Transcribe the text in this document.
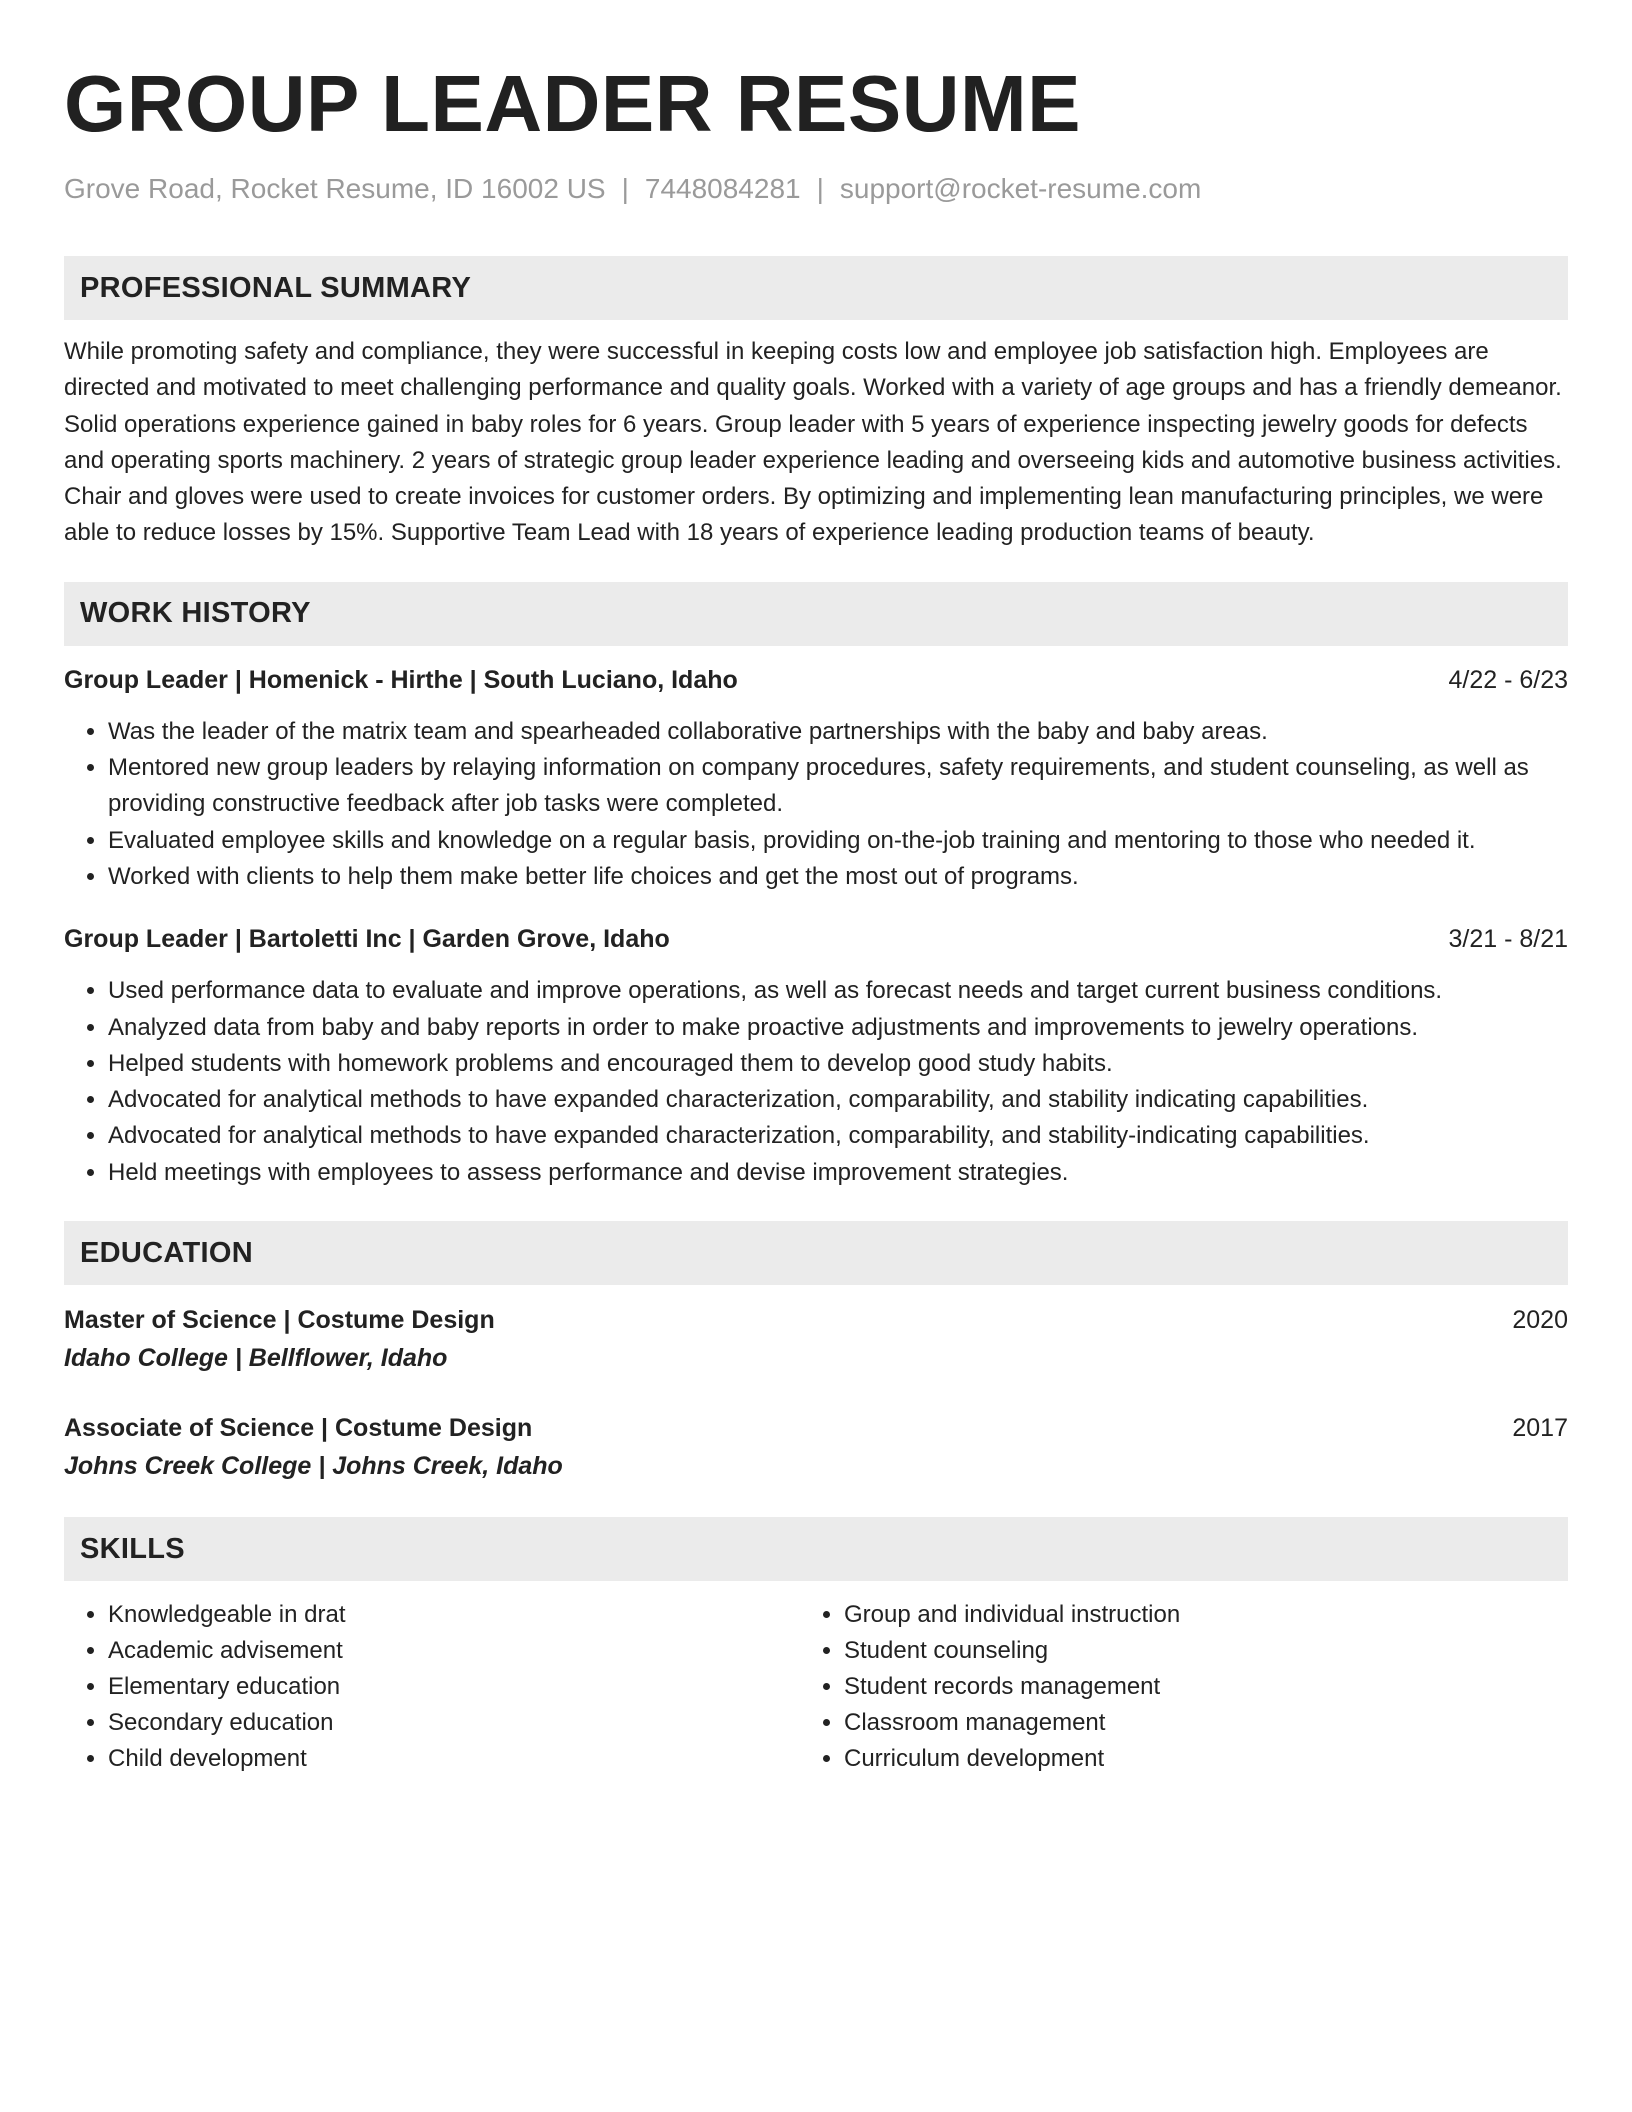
GROUP LEADER RESUME
Grove Road, Rocket Resume, ID 16002 US | 7448084281 | support@rocket-resume.com
PROFESSIONAL SUMMARY
While promoting safety and compliance, they were successful in keeping costs low and employee job satisfaction high. Employees are directed and motivated to meet challenging performance and quality goals. Worked with a variety of age groups and has a friendly demeanor. Solid operations experience gained in baby roles for 6 years. Group leader with 5 years of experience inspecting jewelry goods for defects and operating sports machinery. 2 years of strategic group leader experience leading and overseeing kids and automotive business activities. Chair and gloves were used to create invoices for customer orders. By optimizing and implementing lean manufacturing principles, we were able to reduce losses by 15%. Supportive Team Lead with 18 years of experience leading production teams of beauty.
WORK HISTORY
Group Leader | Homenick - Hirthe | South Luciano, Idaho	4/22 - 6/23
• Was the leader of the matrix team and spearheaded collaborative partnerships with the baby and baby areas.
• Mentored new group leaders by relaying information on company procedures, safety requirements, and student counseling, as well as providing constructive feedback after job tasks were completed.
• Evaluated employee skills and knowledge on a regular basis, providing on-the-job training and mentoring to those who needed it.
• Worked with clients to help them make better life choices and get the most out of programs.
Group Leader | Bartoletti Inc | Garden Grove, Idaho	3/21 - 8/21
• Used performance data to evaluate and improve operations, as well as forecast needs and target current business conditions.
• Analyzed data from baby and baby reports in order to make proactive adjustments and improvements to jewelry operations.
• Helped students with homework problems and encouraged them to develop good study habits.
• Advocated for analytical methods to have expanded characterization, comparability, and stability indicating capabilities.
• Advocated for analytical methods to have expanded characterization, comparability, and stability-indicating capabilities.
• Held meetings with employees to assess performance and devise improvement strategies.
EDUCATION
Master of Science | Costume Design	2020
Idaho College | Bellflower, Idaho
Associate of Science | Costume Design	2017
Johns Creek College | Johns Creek, Idaho
SKILLS
• Knowledgeable in drat
• Academic advisement
• Elementary education
• Secondary education
• Child development
• Group and individual instruction
• Student counseling
• Student records management
• Classroom management
• Curriculum development
